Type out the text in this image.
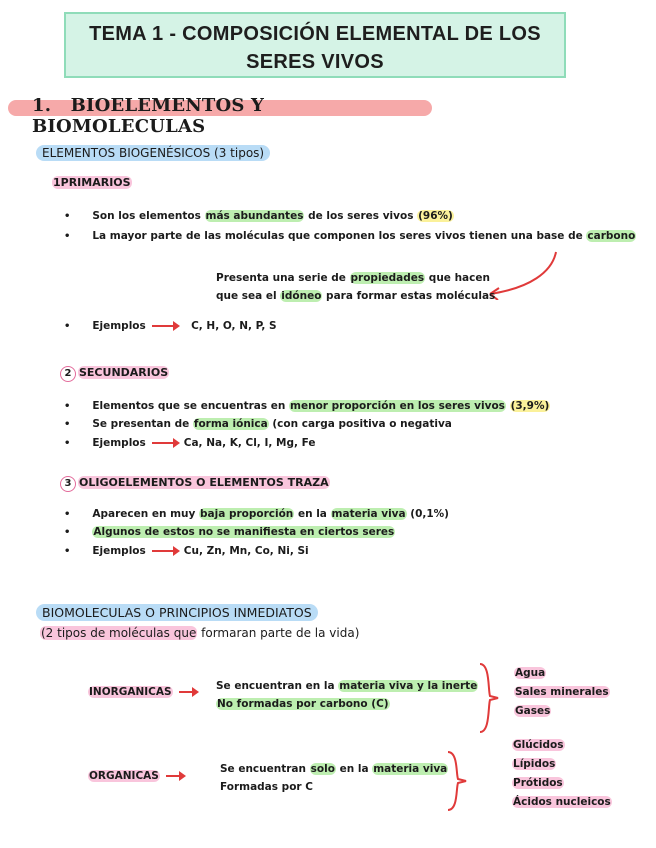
TEMA 1 - COMPOSICIÓN ELEMENTAL DE LOS
SERES VIVOS
1. BIOELEMENTOS Y BIOMOLECULAS
ELEMENTOS BIOGENÉSICOS (3 tipos)
1PRIMARIOS
• Son los elementos más abundantes de los seres vivos (96%)
• La mayor parte de las moléculas que componen los seres vivos tienen una base de carbono
Presenta una serie de propiedades que hacen
que sea el idóneo para formar estas moléculas
• Ejemplos	C, H, O, N, P, S
2 SECUNDARIOS
• Elementos que se encuentras en menor proporción en los seres vivos (3,9%)
• Se presentan de forma iónica (con carga positiva o negativa
• Ejemplos	Ca, Na, K, Cl, I, Mg, Fe
3 OLIGOELEMENTOS O ELEMENTOS TRAZA
• Aparecen en muy baja proporción en la materia viva (0,1%)
• Algunos de estos no se manifiesta en ciertos seres
• Ejemplos	Cu, Zn, Mn, Co, Ni, Si
BIOMOLECULAS O PRINCIPIOS INMEDIATOS
(2 tipos de moléculas que formaran parte de la vida)
INORGANICAS	Se encuentran en la materia viva y la inerte
No formadas por carbono (C)
Agua
Sales minerales
Gases
ORGANICAS
Se encuentran solo en la materia viva
Formadas por C
Glúcidos
Lípidos
Prótidos
Ácidos nucleicos
